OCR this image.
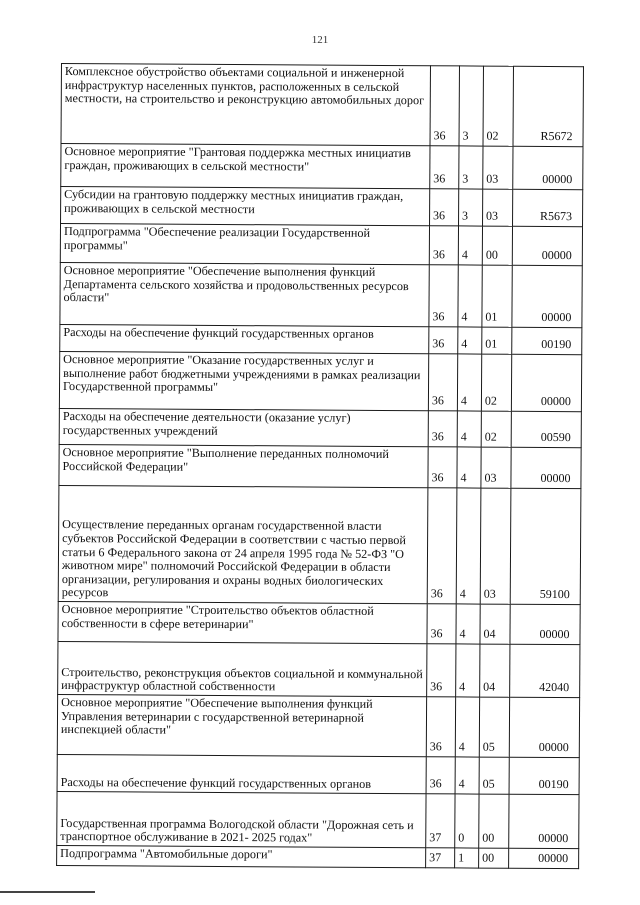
121
Комплексное обустройство объектами социальной и инженерной инфраструктур населенных пунктов, расположенных в сельской местности, на строительство и реконструкцию автомобильных дорог	36	3	02	R5672
Основное мероприятие "Грантовая поддержка местных инициатив граждан, проживающих в сельской местности"	36	3	03	00000
Субсидии на грантовую поддержку местных инициатив граждан, проживающих в сельской местности	36	3	03	R5673
Подпрограмма "Обеспечение реализации Государственной программы"	36	4	00	00000
Основное мероприятие "Обеспечение выполнения функций Департамента сельского хозяйства и продовольственных ресурсов области"	36	4	01	00000
Расходы на обеспечение функций государственных органов	36	4	01	00190
Основное мероприятие "Оказание государственных услуг и выполнение работ бюджетными учреждениями в рамках реализации Государственной программы"	36	4	02	00000
Расходы на обеспечение деятельности (оказание услуг) государственных учреждений	36	4	02	00590
Основное мероприятие "Выполнение переданных полномочий Российской Федерации"	36	4	03	00000
Осуществление переданных органам государственной власти субъектов Российской Федерации в соответствии с частью первой статьи 6 Федерального закона от 24 апреля 1995 года № 52-ФЗ "О животном мире" полномочий Российской Федерации в области организации, регулирования и охраны водных биологических ресурсов	36	4	03	59100
Основное мероприятие "Строительство объектов областной собственности в сфере ветеринарии"	36	4	04	00000
Строительство, реконструкция объектов социальной и коммунальной инфраструктур областной собственности	36	4	04	42040
Основное мероприятие "Обеспечение выполнения функций Управления ветеринарии с государственной ветеринарной инспекцией области"	36	4	05	00000
Расходы на обеспечение функций государственных органов	36	4	05	00190
Государственная программа Вологодской области "Дорожная сеть и транспортное обслуживание в 2021- 2025 годах"	37	0	00	00000
Подпрограмма "Автомобильные дороги"	37	1	00	00000
